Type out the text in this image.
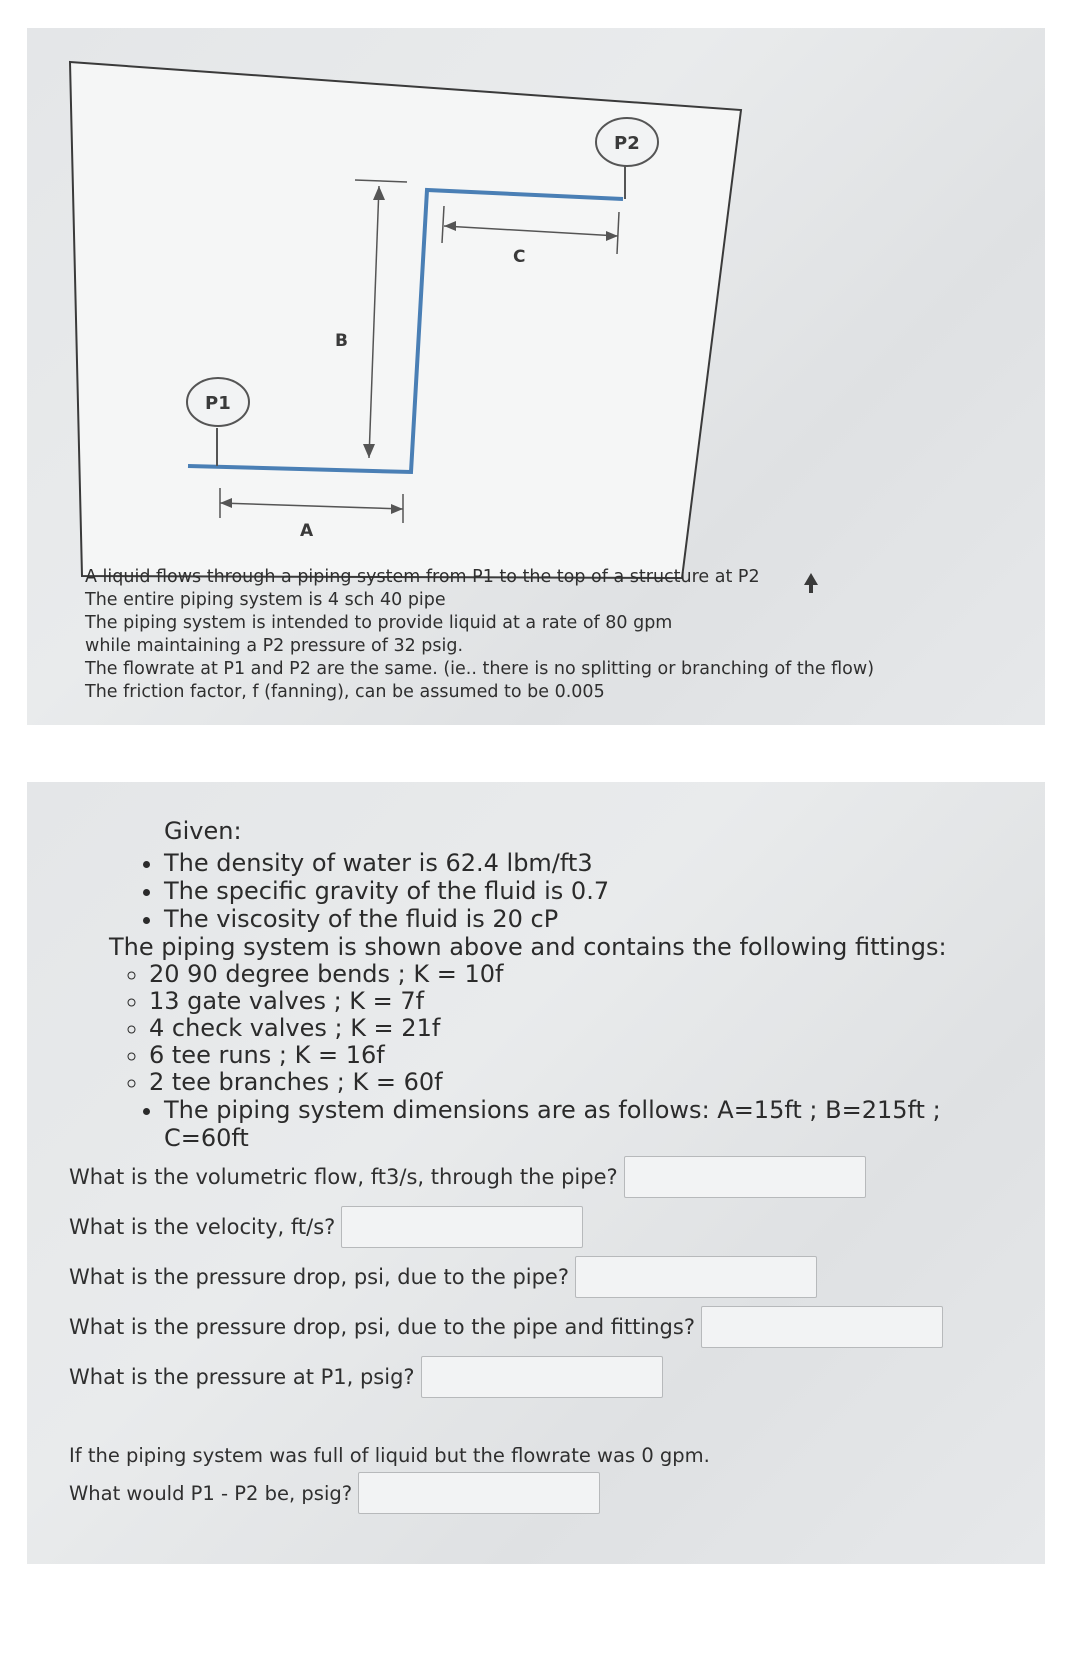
P1
P2
A
B
C

A liquid flows through a piping system from P1 to the top of a structure at P2

The entire piping system is 4 sch 40 pipe

The piping system is intended to provide liquid at a rate of 80 gpm

while maintaining a P2 pressure of 32 psig.

The flowrate at P1 and P2 are the same. (ie.. there is no splitting or branching of the flow)

The friction factor, f (fanning), can be assumed to be 0.005

Given:
• The density of water is 62.4 lbm/ft3
• The specific gravity of the fluid is 0.7
• The viscosity of the fluid is 20 cP
The piping system is shown above and contains the following fittings:
◦ 20 90 degree bends ; K = 10f
◦ 13 gate valves ; K = 7f
◦ 4 check valves ; K = 21f
◦ 6 tee runs ; K = 16f
◦ 2 tee branches ; K = 60f
• The piping system dimensions are as follows: A=15ft ; B=215ft ; C=60ft
What is the volumetric flow, ft3/s, through the pipe?
What is the velocity, ft/s?
What is the pressure drop, psi, due to the pipe?
What is the pressure drop, psi, due to the pipe and fittings?
What is the pressure at P1, psig?
If the piping system was full of liquid but the flowrate was 0 gpm.
What would P1 - P2 be, psig?
